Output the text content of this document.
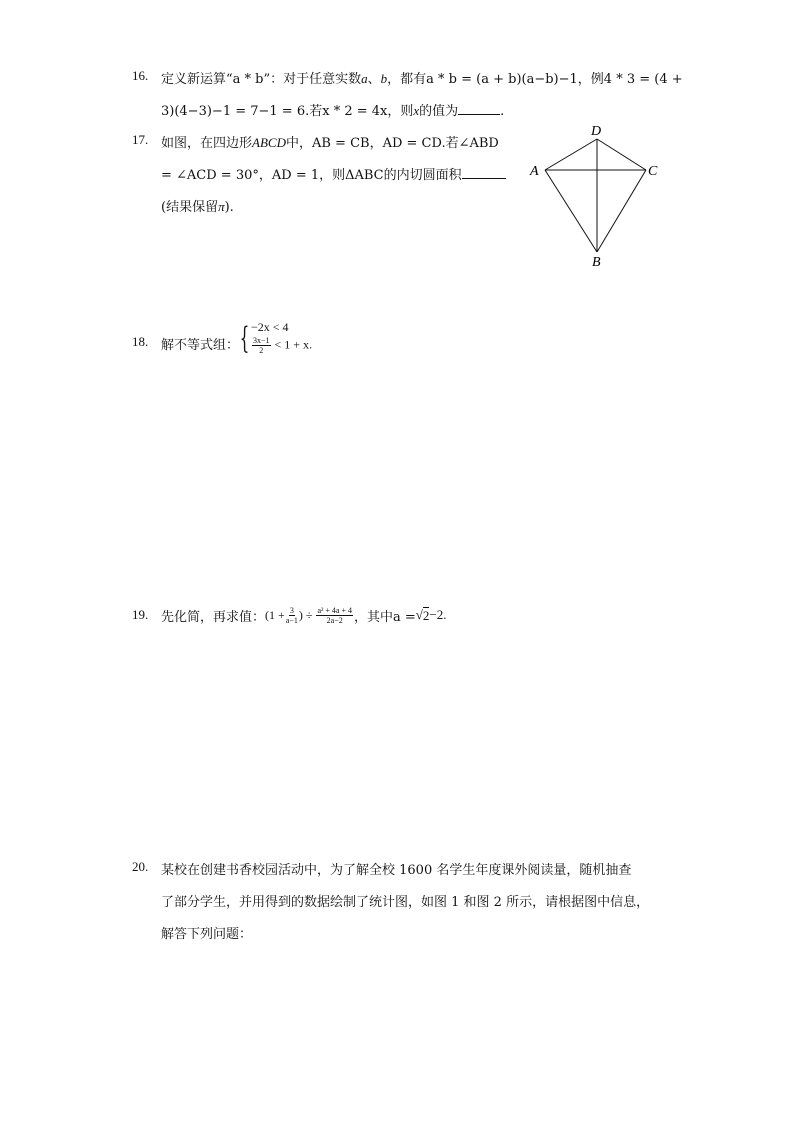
16. 定义新运算“a * b”：对于任意实数a、b，都有a * b = (a + b)(a−b)−1，例4 * 3 = (4 +
3)(4−3)−1 = 7−1 = 6.若x * 2 = 4x，则x的值为	.
17. 如图，在四边形ABCD中，AB = CB，AD = CD.若∠ABD
= ∠ACD = 30°，AD = 1，则ΔABC的内切圆面积
(结果保留π).
A	C
D
B
18. 解不等式组： { −2x < 4
$\frac{3x-1}{2} < 1 + x$.
19. 先化简，再求值： ($1 + \frac{3}{a-1}$ ) ÷ $\frac{\text{a² + 4a + 4}}{2a-2}$ ，其中a = √ 2 −2.
20. 某校在创建书香校园活动中，为了解全校 1600 名学生年度课外阅读量，随机抽查
了部分学生，并用得到的数据绘制了统计图，如图 1 和图 2 所示，请根据图中信息，
解答下列问题：
